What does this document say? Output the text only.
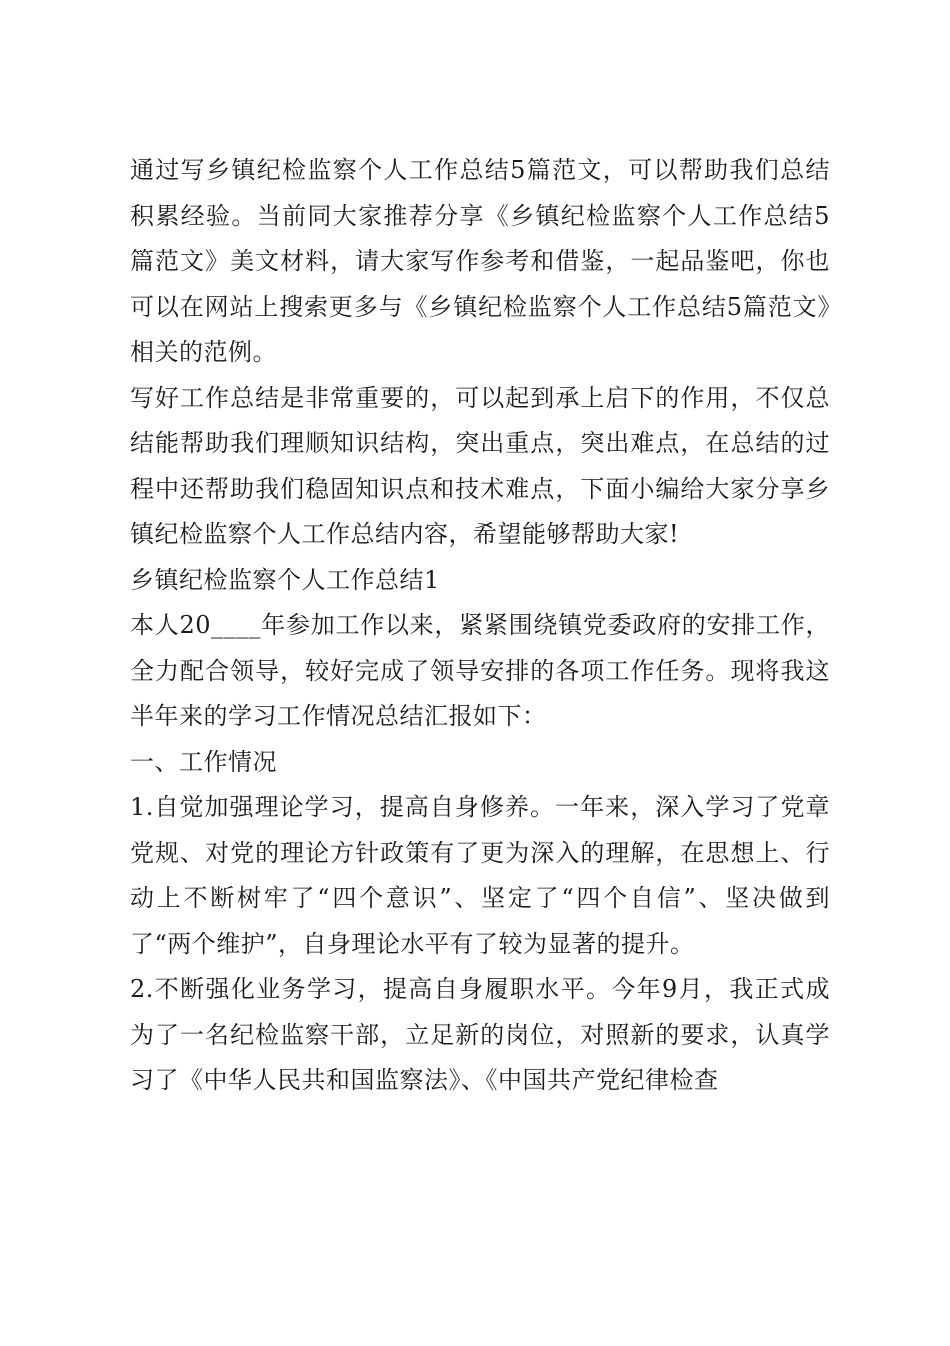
通过写乡镇纪检监察个人工作总结5篇范文，可以帮助我们总结积累经验。当前同大家推荐分享《乡镇纪检监察个人工作总结5篇范文》美文材料，请大家写作参考和借鉴，一起品鉴吧，你也可以在网站上搜索更多与《乡镇纪检监察个人工作总结5篇范文》相关的范例。

写好工作总结是非常重要的，可以起到承上启下的作用，不仅总结能帮助我们理顺知识结构，突出重点，突出难点，在总结的过程中还帮助我们稳固知识点和技术难点，下面小编给大家分享乡镇纪检监察个人工作总结内容，希望能够帮助大家!

乡镇纪检监察个人工作总结1

本人20____年参加工作以来，紧紧围绕镇党委政府的安排工作，全力配合领导，较好完成了领导安排的各项工作任务。现将我这半年来的学习工作情况总结汇报如下：

一、工作情况

1.自觉加强理论学习，提高自身修养。一年来，深入学习了党章党规、对党的理论方针政策有了更为深入的理解，在思想上、行动上不断树牢了“四个意识”、坚定了“四个自信”、坚决做到了“两个维护”，自身理论水平有了较为显著的提升。

2.不断强化业务学习，提高自身履职水平。今年9月，我正式成为了一名纪检监察干部，立足新的岗位，对照新的要求，认真学习了《中华人民共和国监察法》、《中国共产党纪律检查
